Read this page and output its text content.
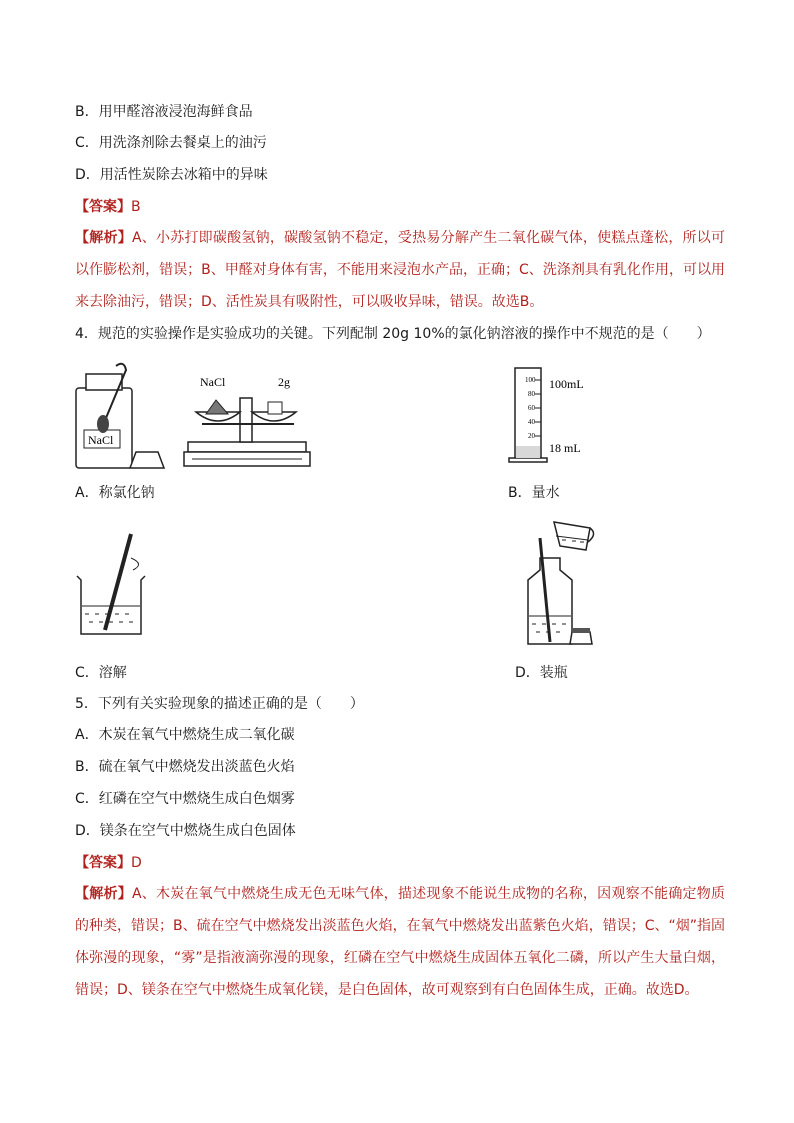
B．用甲醛溶液浸泡海鲜食品
C．用洗涤剂除去餐桌上的油污
D．用活性炭除去冰箱中的异味
【答案】B
【解析】A、小苏打即碳酸氢钠，碳酸氢钠不稳定，受热易分解产生二氧化碳气体，使糕点蓬松，所以可以作膨松剂，错误；B、甲醛对身体有害，不能用来浸泡水产品，正确；C、洗涤剂具有乳化作用，可以用来去除油污，错误；D、活性炭具有吸附性，可以吸收异味，错误。故选B。
4．规范的实验操作是实验成功的关键。下列配制 20g 10%的氯化钠溶液的操作中不规范的是（　　）
NaCl
NaCl	2g
A．称氯化钠
100
80
60
40
20
100mL
18 mL
B．量水
C．溶解	D．装瓶
5．下列有关实验现象的描述正确的是（　　）
A．木炭在氧气中燃烧生成二氧化碳
B．硫在氧气中燃烧发出淡蓝色火焰
C．红磷在空气中燃烧生成白色烟雾
D．镁条在空气中燃烧生成白色固体
【答案】D
【解析】A、木炭在氧气中燃烧生成无色无味气体，描述现象不能说生成物的名称，因观察不能确定物质的种类，错误；B、硫在空气中燃烧发出淡蓝色火焰，在氧气中燃烧发出蓝紫色火焰，错误；C、“烟”指固体弥漫的现象，“雾”是指液滴弥漫的现象，红磷在空气中燃烧生成固体五氧化二磷，所以产生大量白烟，错误；D、镁条在空气中燃烧生成氧化镁，是白色固体，故可观察到有白色固体生成，正确。故选D。
